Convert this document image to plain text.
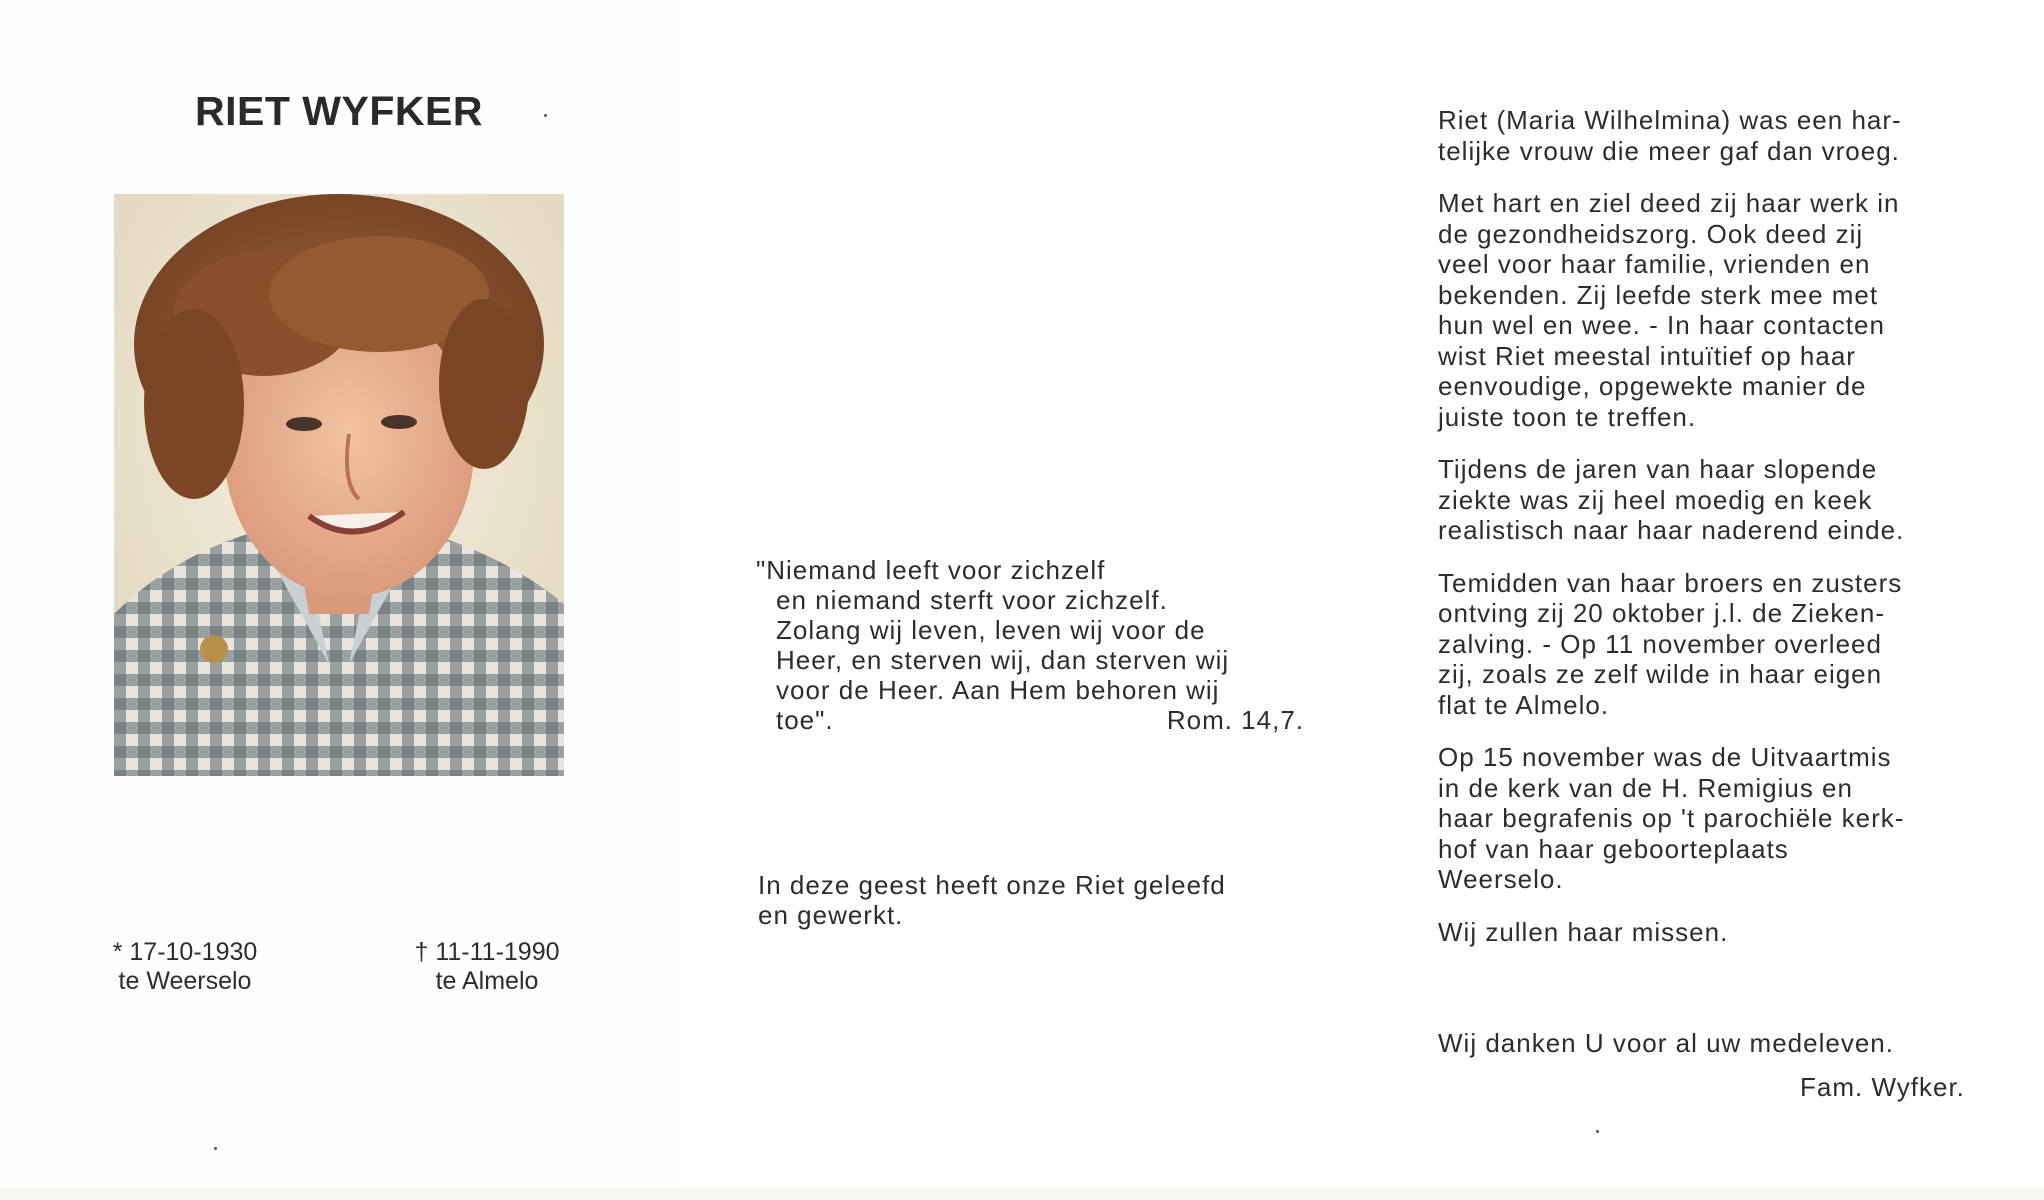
RIET WYFKER
* 17-10-1930
te Weerselo
† 11-11-1990
te Almelo
"Niemand leeft voor zichzelf
en niemand sterft voor zichzelf.
Zolang wij leven, leven wij voor de
Heer, en sterven wij, dan sterven wij
voor de Heer. Aan Hem behoren wij
toe".	Rom. 14,7.
In deze geest heeft onze Riet geleefd
en gewerkt.
Riet (Maria Wilhelmina) was een har-
telijke vrouw die meer gaf dan vroeg.
Met hart en ziel deed zij haar werk in
de gezondheidszorg. Ook deed zij
veel voor haar familie, vrienden en
bekenden. Zij leefde sterk mee met
hun wel en wee. - In haar contacten
wist Riet meestal intuïtief op haar
eenvoudige, opgewekte manier de
juiste toon te treffen.
Tijdens de jaren van haar slopende
ziekte was zij heel moedig en keek
realistisch naar haar naderend einde.
Temidden van haar broers en zusters
ontving zij 20 oktober j.l. de Zieken-
zalving. - Op 11 november overleed
zij, zoals ze zelf wilde in haar eigen
flat te Almelo.
Op 15 november was de Uitvaartmis
in de kerk van de H. Remigius en
haar begrafenis op 't parochiële kerk-
hof van haar geboorteplaats
Weerselo.
Wij zullen haar missen.
Wij danken U voor al uw medeleven.
Fam. Wyfker.
